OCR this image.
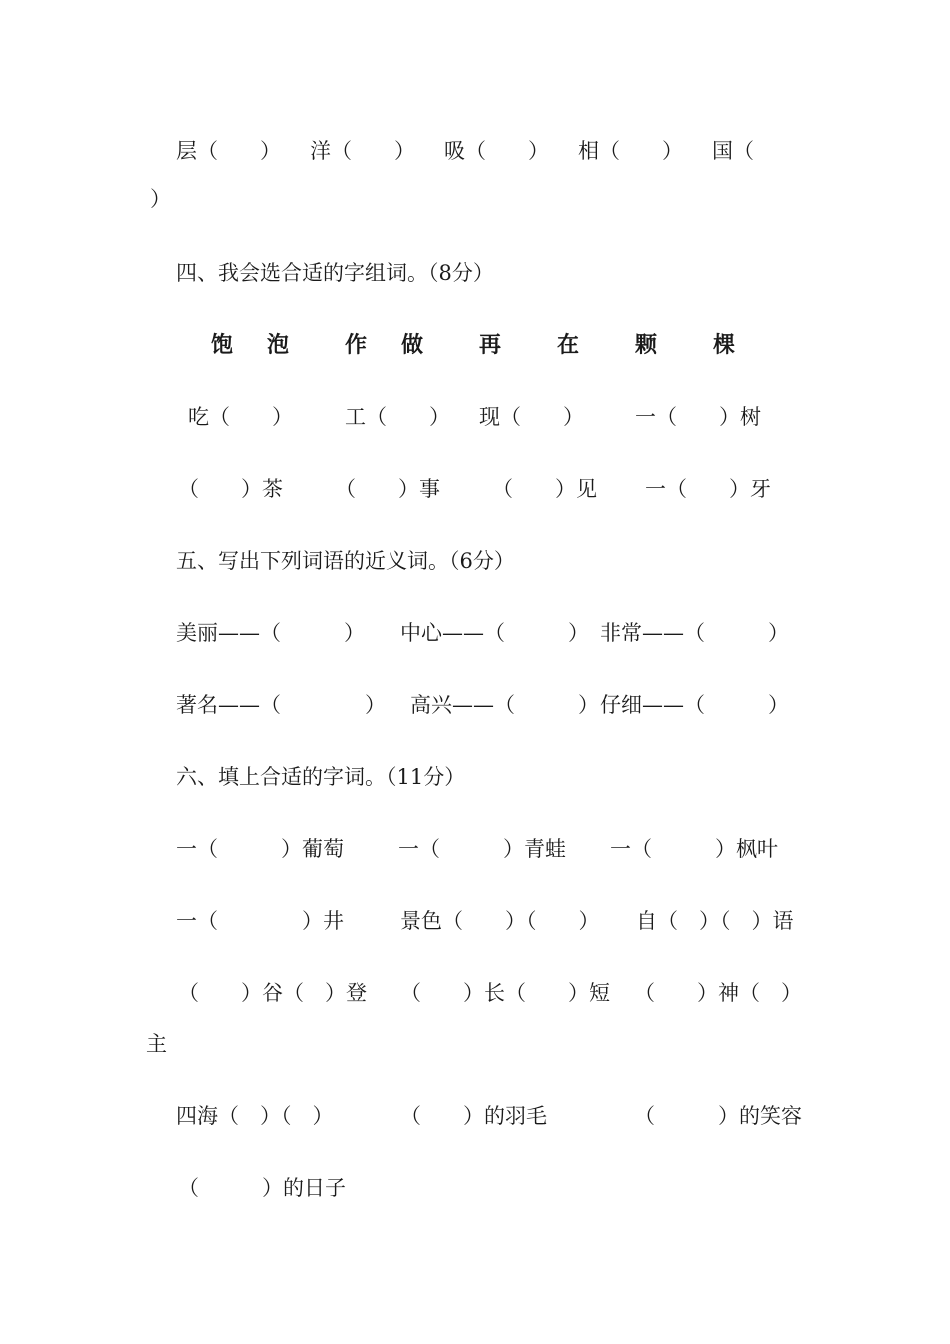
层（　　） 洋（　　） 吸（　　） 相（　　） 国（
）
四、我会选合适的字组词。（8分）
饱 泡	作 做	再	在	颗	棵
吃（　　） 工（　　） 现（　　） 一（　　）树
（　　）茶 （　　）事 （　　）见 一（　　）牙
五、写出下列词语的近义词。（6分）
美丽——（　　　） 中心——（　　　） 非常——（　　　）
著名——（　　　　） 高兴——（　　　） 仔细——（　　　）
六、填上合适的字词。（11分）
一（　　　）葡萄	一（　　　）青蛙 一（　　　）枫叶
一（　　　　）井	景色（　　）（　　） 自（　）（　）语
（　　）谷（　）登 （　　）长（　　）短 （　　）神（　）
主
四海（　）（　）	（　　）的羽毛	（　　　）的笑容
（　　　）的日子
